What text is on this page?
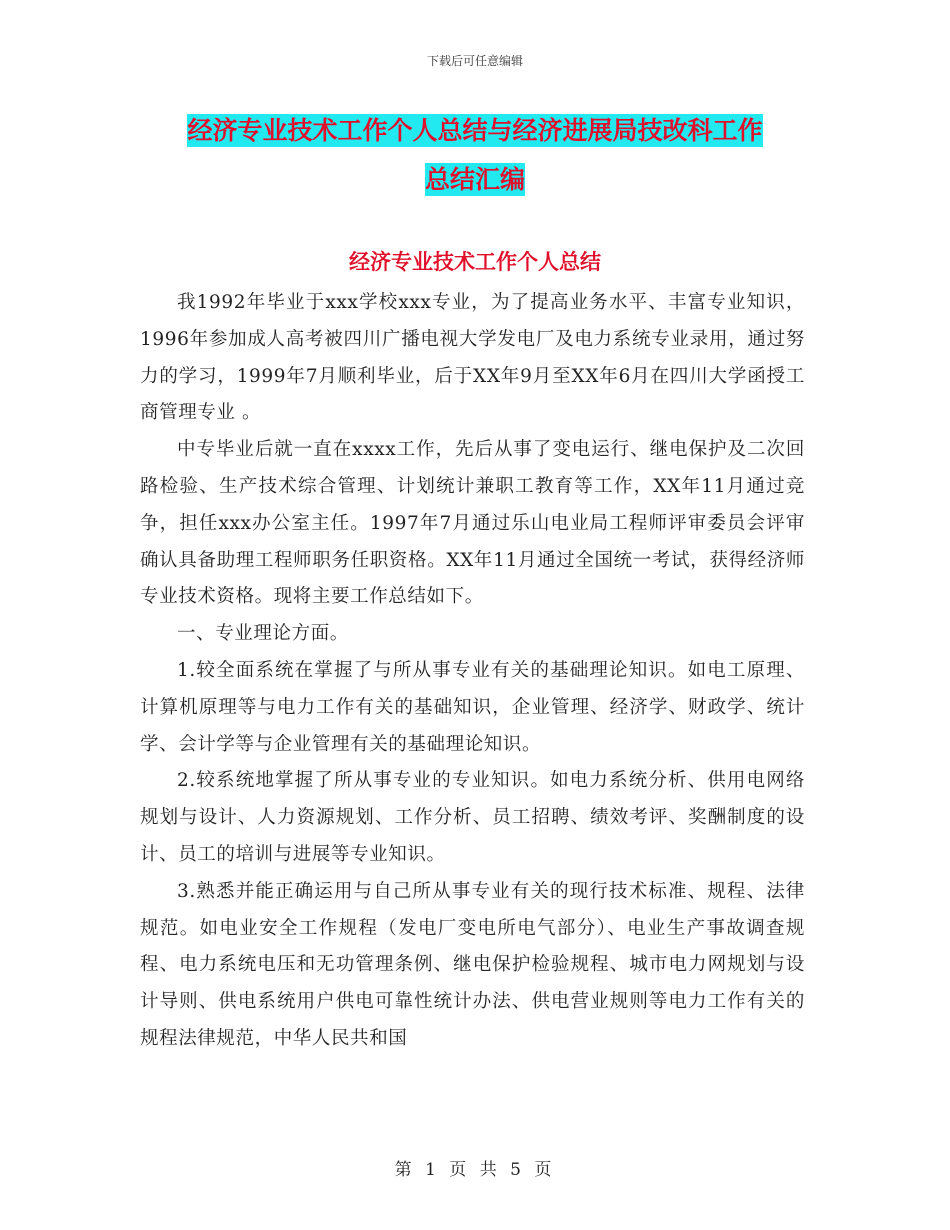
下载后可任意编辑
经济专业技术工作个人总结与经济进展局技改科工作
总结汇编
经济专业技术工作个人总结

我1992年毕业于xxx学校xxx专业，为了提高业务水平、丰富专业知识，1996年参加成人高考被四川广播电视大学发电厂及电力系统专业录用，通过努力的学习，1999年7月顺利毕业，后于XX年9月至XX年6月在四川大学函授工商管理专业 。

中专毕业后就一直在xxxx工作，先后从事了变电运行、继电保护及二次回路检验、生产技术综合管理、计划统计兼职工教育等工作，XX年11月通过竞争，担任xxx办公室主任。1997年7月通过乐山电业局工程师评审委员会评审确认具备助理工程师职务任职资格。XX年11月通过全国统一考试，获得经济师专业技术资格。现将主要工作总结如下。

一、专业理论方面。

1.较全面系统在掌握了与所从事专业有关的基础理论知识。如电工原理、计算机原理等与电力工作有关的基础知识，企业管理、经济学、财政学、统计学、会计学等与企业管理有关的基础理论知识。

2.较系统地掌握了所从事专业的专业知识。如电力系统分析、供用电网络规划与设计、人力资源规划、工作分析、员工招聘、绩效考评、奖酬制度的设计、员工的培训与进展等专业知识。

3.熟悉并能正确运用与自己所从事专业有关的现行技术标准、规程、法律规范。如电业安全工作规程（发电厂变电所电气部分）、电业生产事故调查规程、电力系统电压和无功管理条例、继电保护检验规程、城市电力网规划与设计导则、供电系统用户供电可靠性统计办法、供电营业规则等电力工作有关的规程法律规范，中华人民共和国

第 1 页 共 5 页
